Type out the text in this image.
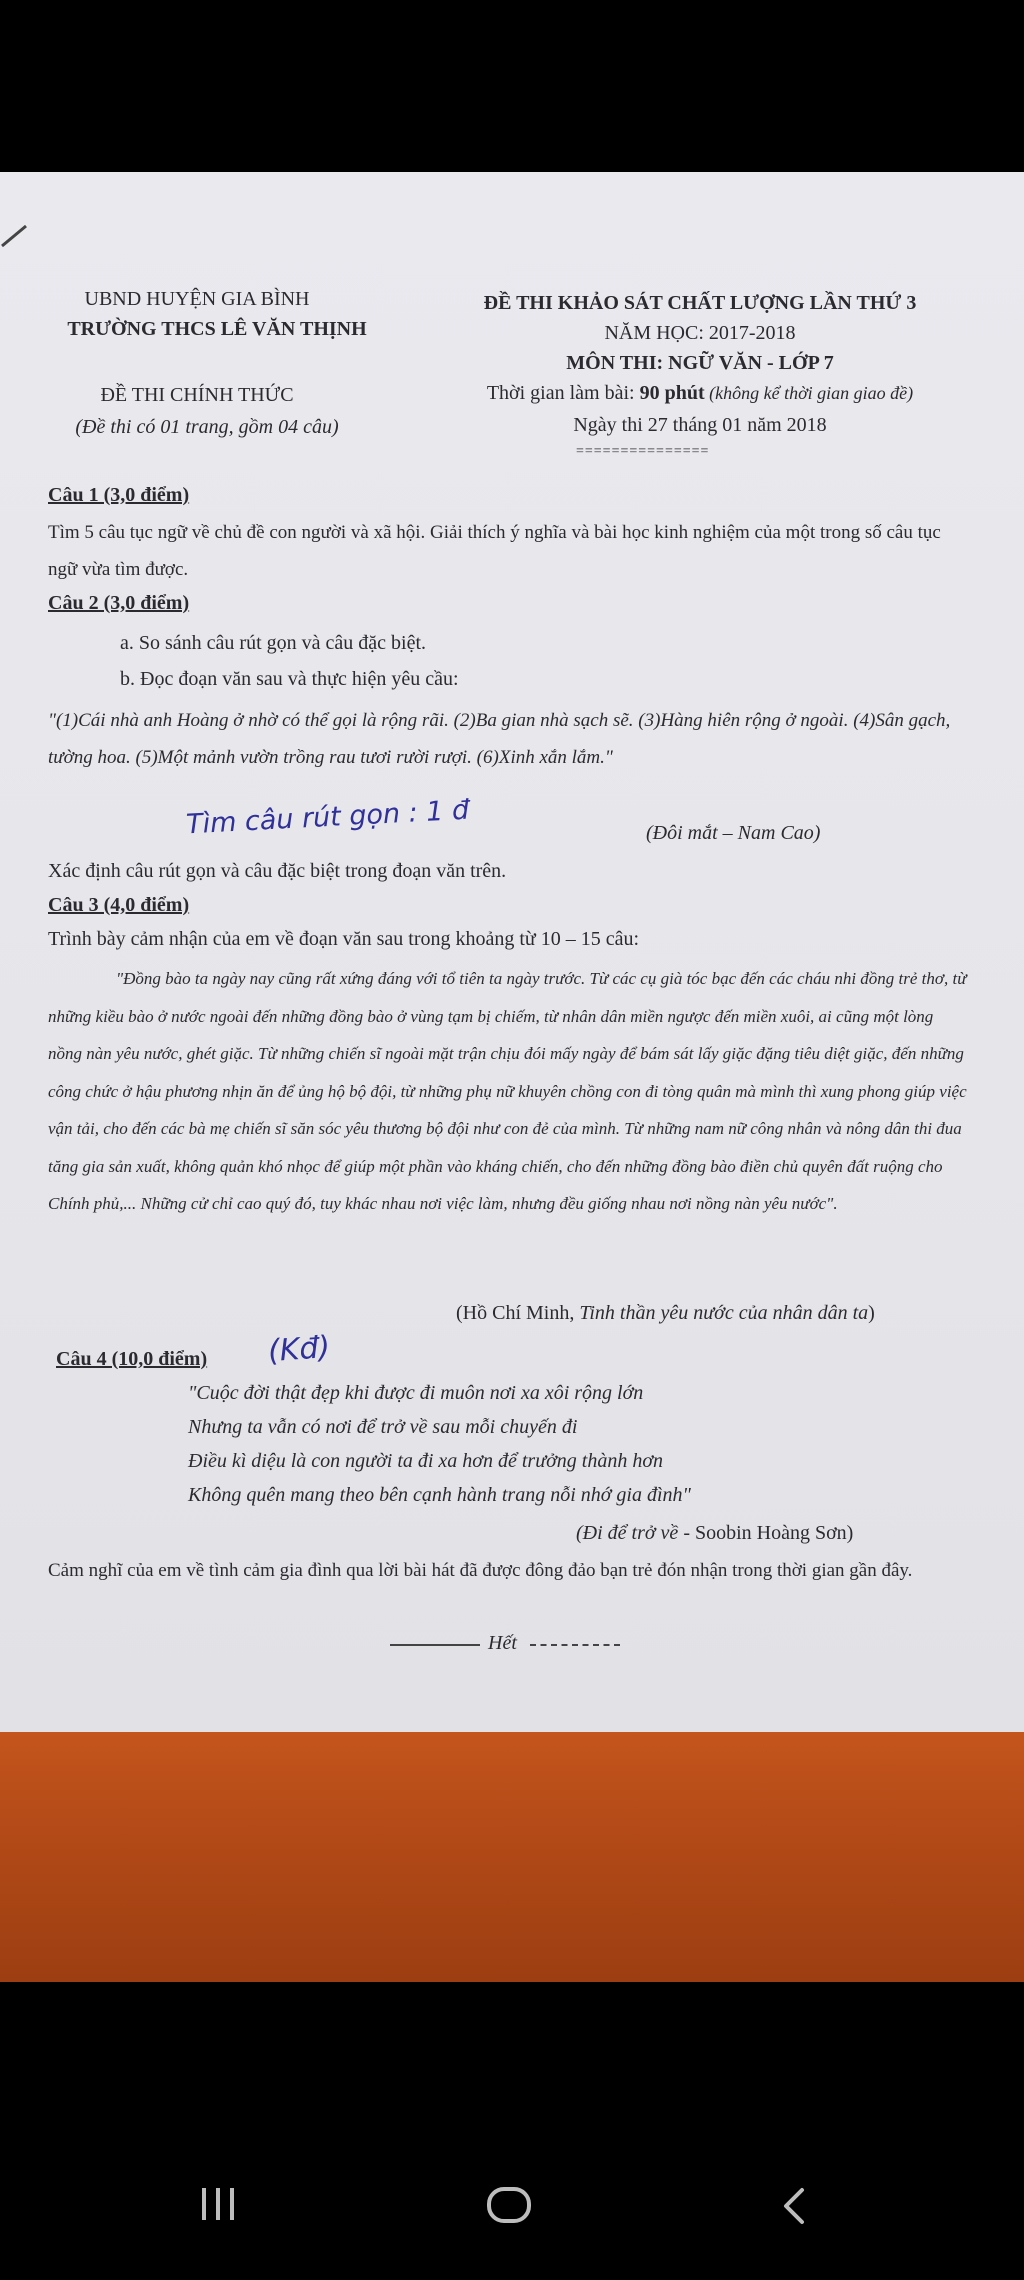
UBND HUYỆN GIA BÌNH
TRƯỜNG THCS LÊ VĂN THỊNH
ĐỀ THI CHÍNH THỨC
(Đề thi có 01 trang, gồm 04 câu)
ĐỀ THI KHẢO SÁT CHẤT LƯỢNG LẦN THỨ 3
NĂM HỌC: 2017-2018
MÔN THI: NGỮ VĂN - LỚP 7
Thời gian làm bài: 90 phút (không kể thời gian giao đề)
Ngày thi 27 tháng 01 năm 2018
===============
Câu 1 (3,0 điểm)
Tìm 5 câu tục ngữ về chủ đề con người và xã hội. Giải thích ý nghĩa và bài học kinh nghiệm của một trong số câu tục ngữ vừa tìm được.
Câu 2 (3,0 điểm)
a. So sánh câu rút gọn và câu đặc biệt.
b. Đọc đoạn văn sau và thực hiện yêu cầu:
"(1)Cái nhà anh Hoàng ở nhờ có thể gọi là rộng rãi. (2)Ba gian nhà sạch sẽ. (3)Hàng hiên rộng ở ngoài. (4)Sân gạch, tường hoa. (5)Một mảnh vườn trồng rau tươi rười rượi. (6)Xinh xắn lắm."
Tìm câu rút gọn : 1 đ	(Đôi mắt – Nam Cao)
Xác định câu rút gọn và câu đặc biệt trong đoạn văn trên.
Câu 3 (4,0 điểm)
Trình bày cảm nhận của em về đoạn văn sau trong khoảng từ 10 – 15 câu:
"Đồng bào ta ngày nay cũng rất xứng đáng với tổ tiên ta ngày trước. Từ các cụ già tóc bạc đến các cháu nhi đồng trẻ thơ, từ những kiều bào ở nước ngoài đến những đồng bào ở vùng tạm bị chiếm, từ nhân dân miền ngược đến miền xuôi, ai cũng một lòng nồng nàn yêu nước, ghét giặc. Từ những chiến sĩ ngoài mặt trận chịu đói mấy ngày để bám sát lấy giặc đặng tiêu diệt giặc, đến những công chức ở hậu phương nhịn ăn để ủng hộ bộ đội, từ những phụ nữ khuyên chồng con đi tòng quân mà mình thì xung phong giúp việc vận tải, cho đến các bà mẹ chiến sĩ săn sóc yêu thương bộ đội như con đẻ của mình. Từ những nam nữ công nhân và nông dân thi đua tăng gia sản xuất, không quản khó nhọc để giúp một phần vào kháng chiến, cho đến những đồng bào điền chủ quyên đất ruộng cho Chính phủ,... Những cử chỉ cao quý đó, tuy khác nhau nơi việc làm, nhưng đều giống nhau nơi nồng nàn yêu nước".
(Hồ Chí Minh, Tinh thần yêu nước của nhân dân ta)
Câu 4 (10,0 điểm) (Kđ)
"Cuộc đời thật đẹp khi được đi muôn nơi xa xôi rộng lớn
Nhưng ta vẫn có nơi để trở về sau mỗi chuyến đi
Điều kì diệu là con người ta đi xa hơn để trưởng thành hơn
Không quên mang theo bên cạnh hành trang nỗi nhớ gia đình"
(Đi để trở về - Soobin Hoàng Sơn)
Cảm nghĩ của em về tình cảm gia đình qua lời bài hát đã được đông đảo bạn trẻ đón nhận trong thời gian gần đây.
Hết
